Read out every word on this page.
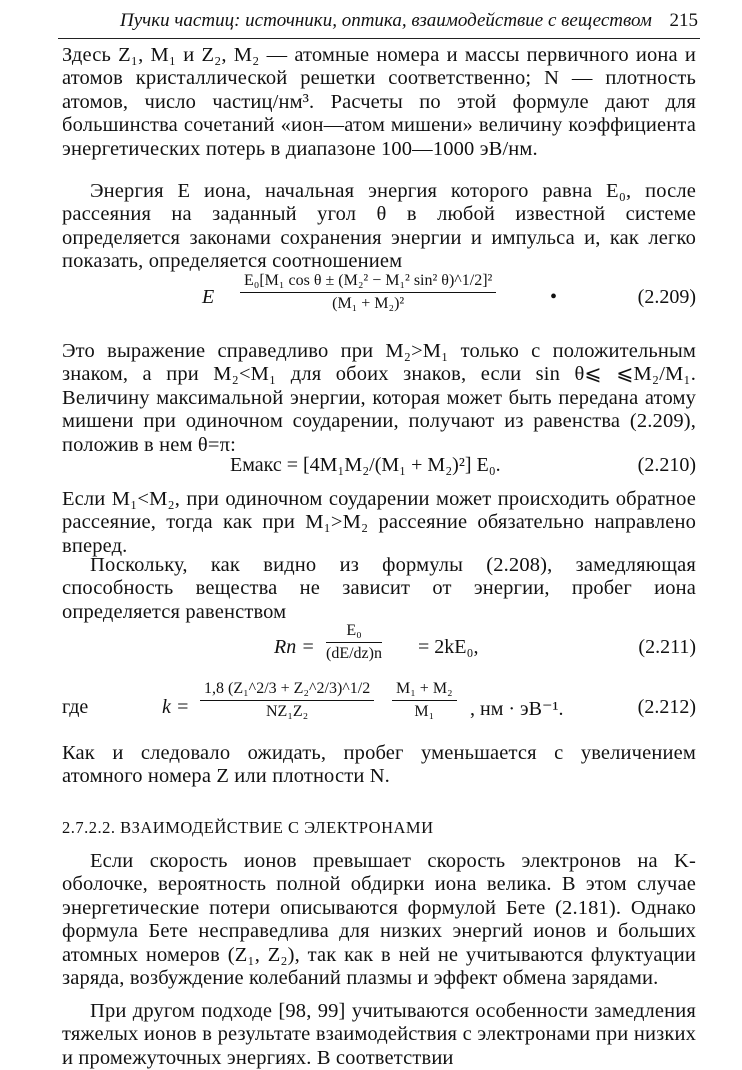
Пучки частиц: источники, оптика, взаимодействие с веществом 215
Здесь Z₁, M₁ и Z₂, M₂ — атомные номера и массы первичного иона и атомов кристаллической решетки соответственно; N — плотность атомов, число частиц/нм³. Расчеты по этой формуле дают для большинства сочетаний «ион—атом мишени» величину коэффициента энергетических потерь в диапазоне 100—1000 эВ/нм.
Энергия E иона, начальная энергия которого равна E₀, после рассеяния на заданный угол θ в любой известной системе определяется законами сохранения энергии и импульса и, как легко показать, определяется соотношением
E $\frac{\text{E₀[M₁ cos θ ± (M₂² − M₁² sin² θ)\textasciicircum{}1/2]²}}{\text{(M₁ + M₂)²}}$	•	(2.209)
Это выражение справедливо при M₂>M₁ только с положительным знаком, а при M₂<M₁ для обоих знаков, если sin θ⩽ ⩽M₂/M₁. Величину максимальной энергии, которая может быть передана атому мишени при одиночном соударении, получают из равенства (2.209), положив в нем θ=π:
Eмакс = [4M₁M₂/(M₁ + M₂)²] E₀.	(2.210)
Если M₁<M₂, при одиночном соударении может происходить обратное рассеяние, тогда как при M₁>M₂ рассеяние обязательно направлено вперед.
Поскольку, как видно из формулы (2.208), замедляющая способность вещества не зависит от энергии, пробег иона определяется равенством
$Rn = \frac{\text{E₀}}{(dE/dz)n} = 2kE_0$,	(2.211)
где	$k = \frac{\text{1,8 (Z₁\textasciicircum{}2/3 + Z₂\textasciicircum{}2/3)\textasciicircum{}1/2}}{\text{NZ₁Z₂}} \frac{\text{M₁ + M₂}}{\text{M₁}}$ , нм · эВ⁻¹.	(2.212)
Как и следовало ожидать, пробег уменьшается с увеличением атомного номера Z или плотности N.
2.7.2.2. ВЗАИМОДЕЙСТВИЕ С ЭЛЕКТРОНАМИ
Если скорость ионов превышает скорость электронов на K-оболочке, вероятность полной обдирки иона велика. В этом случае энергетические потери описываются формулой Бете (2.181). Однако формула Бете несправедлива для низких энергий ионов и больших атомных номеров (Z₁, Z₂), так как в ней не учитываются флуктуации заряда, возбуждение колебаний плазмы и эффект обмена зарядами.
При другом подходе [98, 99] учитываются особенности замедления тяжелых ионов в результате взаимодействия с электронами при низких и промежуточных энергиях. В соответствии
